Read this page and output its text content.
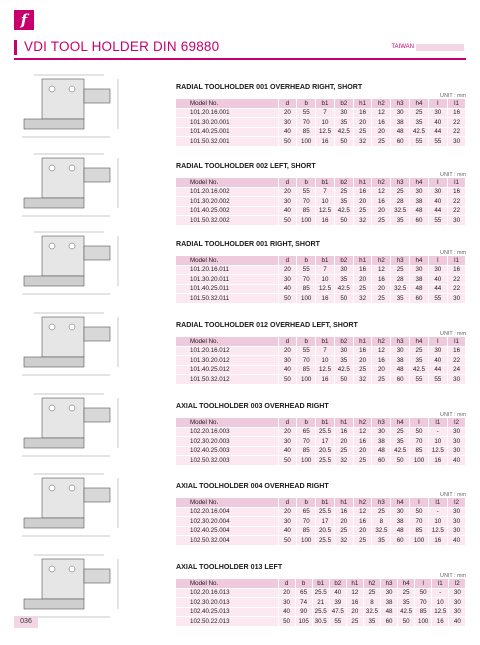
f
VDI TOOL HOLDER DIN 69880	TAIWAN
RADIAL TOOLHOLDER 001 OVERHEAD RIGHT, SHORT
UNIT : mm
Model No.	d	b	b1	b2	h1	h2	h3	h4	l	l1
101.20.16.001	20	55	7	30	16	12	30	25	30	16
101.30.20.001	30	70	10	35	20	16	38	35	40	22
101.40.25.001	40	85	12.5	42.5	25	20	48	42.5	44	22
101.50.32.001	50	100	16	50	32	25	60	55	55	30
RADIAL TOOLHOLDER 002 LEFT, SHORT
UNIT : mm
Model No.	d	b	b1	b2	h1	h2	h3	h4	l	l1
101.20.16.002	20	55	7	25	16	12	25	30	30	16
101.30.20.002	30	70	10	35	20	16	28	38	40	22
101.40.25.002	40	85	12.5	42.5	25	20	32.5	48	44	22
101.50.32.002	50	100	16	50	32	25	35	60	55	30
RADIAL TOOLHOLDER 001 RIGHT, SHORT
UNIT : mm
Model No.	d	b	b1	b2	h1	h2	h3	h4	l	l1
101.20.16.011	20	55	7	30	16	12	25	30	30	16
101.30.20.011	30	70	10	35	20	16	28	38	40	22
101.40.25.011	40	85	12.5	42.5	25	20	32.5	48	44	22
101.50.32.011	50	100	16	50	32	25	35	60	55	30
RADIAL TOOLHOLDER 012 OVERHEAD LEFT, SHORT
UNIT : mm
Model No.	d	b	b1	b2	h1	h2	h3	h4	l	l1
101.20.16.012	20	55	7	30	16	12	30	25	30	16
101.30.20.012	30	70	10	35	20	16	38	35	40	22
101.40.25.012	40	85	12.5	42.5	25	20	48	42.5	44	24
101.50.32.012	50	100	16	50	32	25	60	55	55	30
AXIAL TOOLHOLDER 003 OVERHEAD RIGHT
UNIT : mm
Model No.	d	b	b1	h1	h2	h3	h4	l	l1	l2
102.20.16.003	20	65	25.5	16	12	30	25	50	-	30
102.30.20.003	30	70	17	20	16	38	35	70	10	30
102.40.25.003	40	85	20.5	25	20	48	42.5	85	12.5	30
102.50.32.003	50	100	25.5	32	25	60	50	100	16	40
AXIAL TOOLHOLDER 004 OVERHEAD RIGHT
UNIT : mm
Model No.	d	b	b1	h1	h2	h3	h4	l	l1	l2
102.20.16.004	20	65	25.5	16	12	25	30	50	-	30
102.30.20.004	30	70	17	20	16	8	38	70	10	30
102.40.25.004	40	85	20.5	25	20	32.5	48	85	12.5	30
102.50.32.004	50	100	25.5	32	25	35	60	100	16	40
AXIAL TOOLHOLDER 013 LEFT
UNIT : mm
Model No.	d	b	b1	b2	h1	h2	h3	h4	l	l1	l2
102.20.16.013	20	65	25.5	40	12	25	30	25	50	-	30
102.30.20.013	30	74	21	39	16	8	38	35	70	10	30
102.40.25.013	40	90	25.5	47.5	20	32.5	48	42.5	85	12.5	30
102.50.22.013	50	105	30.5	55	25	35	60	50	100	16	40
036
